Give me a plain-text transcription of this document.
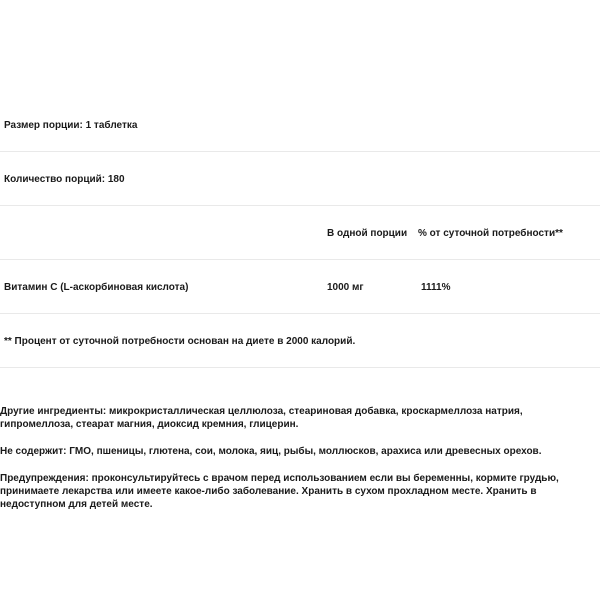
Размер порции: 1 таблетка
Количество порций: 180
В одной порции % от суточной потребности**
Витамин С (L-аскорбиновая кислота)	1000 мг	1111%
** Процент от суточной потребности основан на диете в 2000 калорий.

Другие ингредиенты: микрокристаллическая целлюлоза, стеариновая добавка, кроскармеллоза натрия, гипромеллоза, стеарат магния, диоксид кремния, глицерин.

Не содержит: ГМО, пшеницы, глютена, сои, молока, яиц, рыбы, моллюсков, арахиса или древесных орехов.

Предупреждения: проконсультируйтесь с врачом перед использованием если вы беременны, кормите грудью, принимаете лекарства или имеете какое-либо заболевание. Хранить в сухом прохладном месте. Хранить в недоступном для детей месте.
